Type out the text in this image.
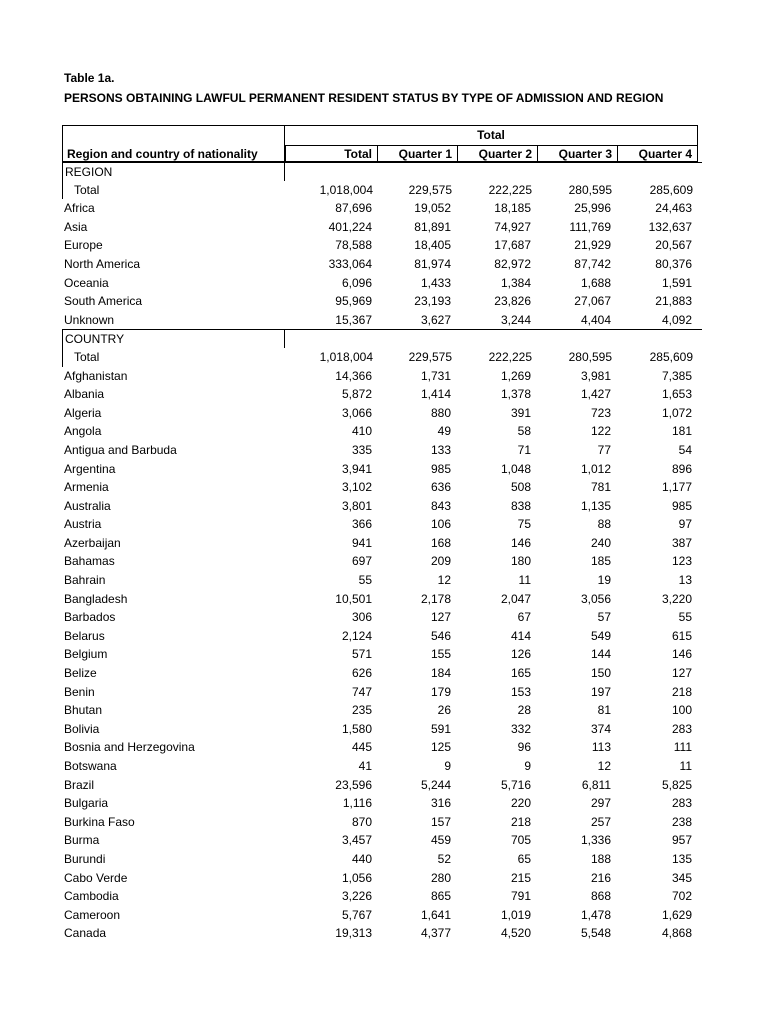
Table 1a.
PERSONS OBTAINING LAWFUL PERMANENT RESIDENT STATUS BY TYPE OF ADMISSION AND REGION
Total
Region and country of nationality	Total	Quarter 1	Quarter 2	Quarter 3	Quarter 4
REGION
Total	1,018,004	229,575	222,225	280,595	285,609
Africa	87,696	19,052	18,185	25,996	24,463
Asia	401,224	81,891	74,927	111,769	132,637
Europe	78,588	18,405	17,687	21,929	20,567
North America	333,064	81,974	82,972	87,742	80,376
Oceania	6,096	1,433	1,384	1,688	1,591
South America	95,969	23,193	23,826	27,067	21,883
Unknown	15,367	3,627	3,244	4,404	4,092
COUNTRY
Total	1,018,004	229,575	222,225	280,595	285,609
Afghanistan	14,366	1,731	1,269	3,981	7,385
Albania	5,872	1,414	1,378	1,427	1,653
Algeria	3,066	880	391	723	1,072
Angola	410	49	58	122	181
Antigua and Barbuda	335	133	71	77	54
Argentina	3,941	985	1,048	1,012	896
Armenia	3,102	636	508	781	1,177
Australia	3,801	843	838	1,135	985
Austria	366	106	75	88	97
Azerbaijan	941	168	146	240	387
Bahamas	697	209	180	185	123
Bahrain	55	12	11	19	13
Bangladesh	10,501	2,178	2,047	3,056	3,220
Barbados	306	127	67	57	55
Belarus	2,124	546	414	549	615
Belgium	571	155	126	144	146
Belize	626	184	165	150	127
Benin	747	179	153	197	218
Bhutan	235	26	28	81	100
Bolivia	1,580	591	332	374	283
Bosnia and Herzegovina	445	125	96	113	111
Botswana	41	9	9	12	11
Brazil	23,596	5,244	5,716	6,811	5,825
Bulgaria	1,116	316	220	297	283
Burkina Faso	870	157	218	257	238
Burma	3,457	459	705	1,336	957
Burundi	440	52	65	188	135
Cabo Verde	1,056	280	215	216	345
Cambodia	3,226	865	791	868	702
Cameroon	5,767	1,641	1,019	1,478	1,629
Canada	19,313	4,377	4,520	5,548	4,868
